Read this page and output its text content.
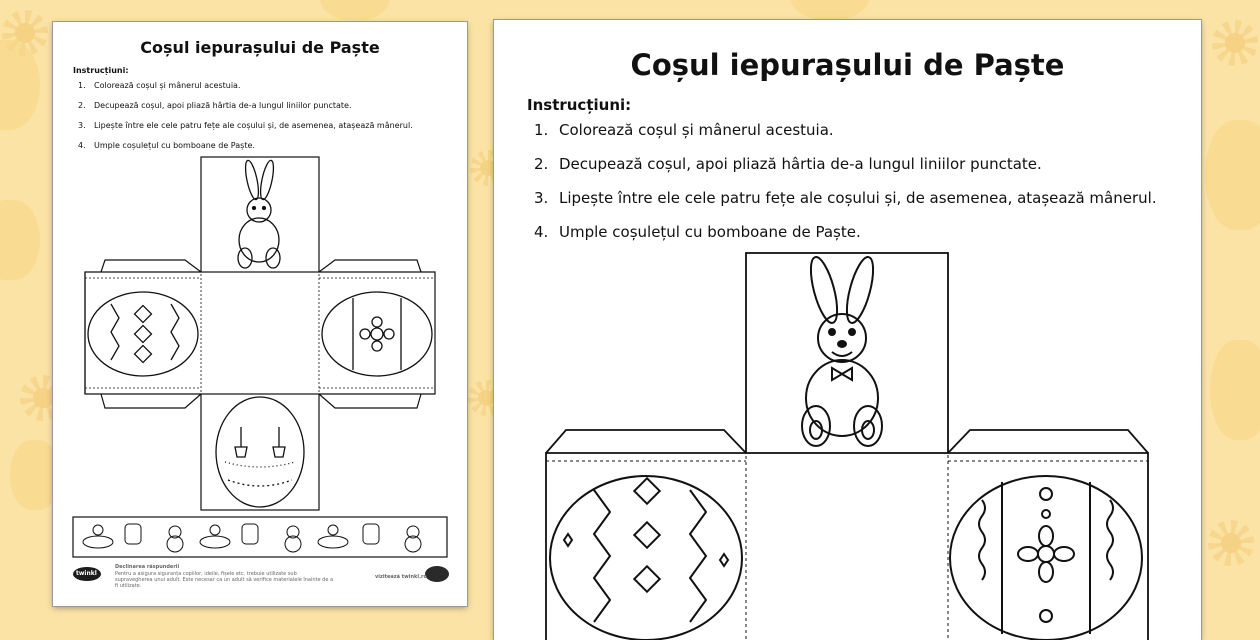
Coșul iepurașului de Paște
Instrucțiuni:
1. Colorează coșul și mânerul acestuia.
2. Decupează coșul, apoi pliază hârtia de-a lungul liniilor punctate.
3. Lipește între ele cele patru fețe ale coșului și, de asemenea, atașează mânerul.
4. Umple coșulețul cu bomboane de Paște.
twinkl
Declinarea răspunderii
Pentru a asigura siguranța copiilor, ideile, fișele etc. trebuie utilizate sub supravegherea unui adult. Este necesar ca un adult să verifice materialele înainte de a fi utilizate.
vizitează twinkl.ro
Coșul iepurașului de Paște
Instrucțiuni:
1. Colorează coșul și mânerul acestuia.
2. Decupează coșul, apoi pliază hârtia de-a lungul liniilor punctate.
3. Lipește între ele cele patru fețe ale coșului și, de asemenea, atașează mânerul.
4. Umple coșulețul cu bomboane de Paște.
